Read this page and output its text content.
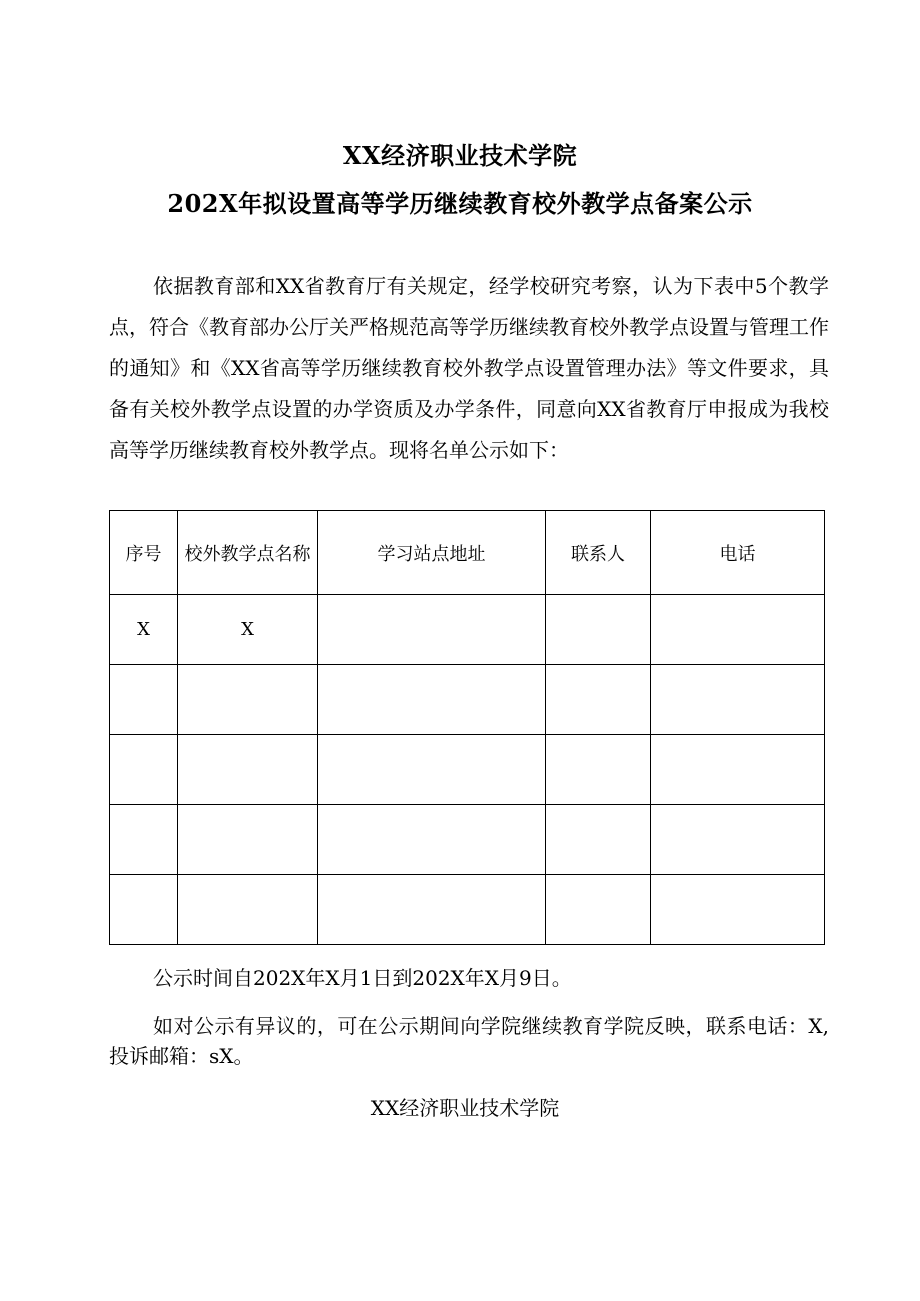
XX经济职业技术学院
202X年拟设置高等学历继续教育校外教学点备案公示

依据教育部和XX省教育厅有关规定，经学校研究考察，认为下表中5个教学点，符合《教育部办公厅关严格规范高等学历继续教育校外教学点设置与管理工作的通知》和《XX省高等学历继续教育校外教学点设置管理办法》等文件要求，具备有关校外教学点设置的办学资质及办学条件，同意向XX省教育厅申报成为我校高等学历继续教育校外教学点。现将名单公示如下：

序号	校外教学点名称	学习站点地址	联系人	电话
X	X			

公示时间自202X年X月1日到202X年X月9日。

如对公示有异议的，可在公示期间向学院继续教育学院反映，联系电话：X,投诉邮箱：sX。

XX经济职业技术学院
